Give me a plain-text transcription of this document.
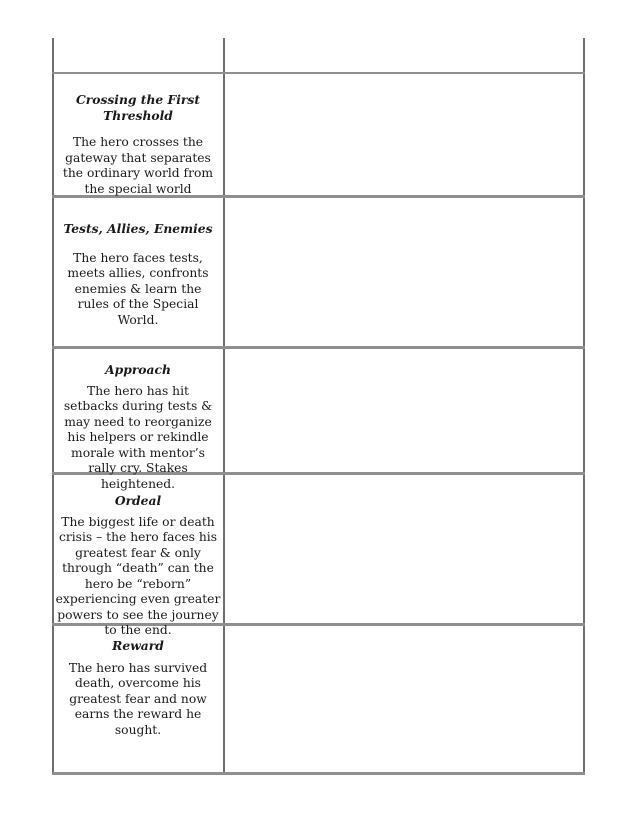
Crossing the First Threshold
The hero crosses the gateway that separates the ordinary world from the special world
Tests, Allies, Enemies
The hero faces tests, meets allies, confronts enemies & learn the rules of the Special World.
Approach
The hero has hit setbacks during tests & may need to reorganize his helpers or rekindle morale with mentor’s rally cry. Stakes heightened.
Ordeal
The biggest life or death crisis – the hero faces his greatest fear & only through “death” can the hero be “reborn” experiencing even greater powers to see the journey to the end.
Reward
The hero has survived death, overcome his greatest fear and now earns the reward he sought.
